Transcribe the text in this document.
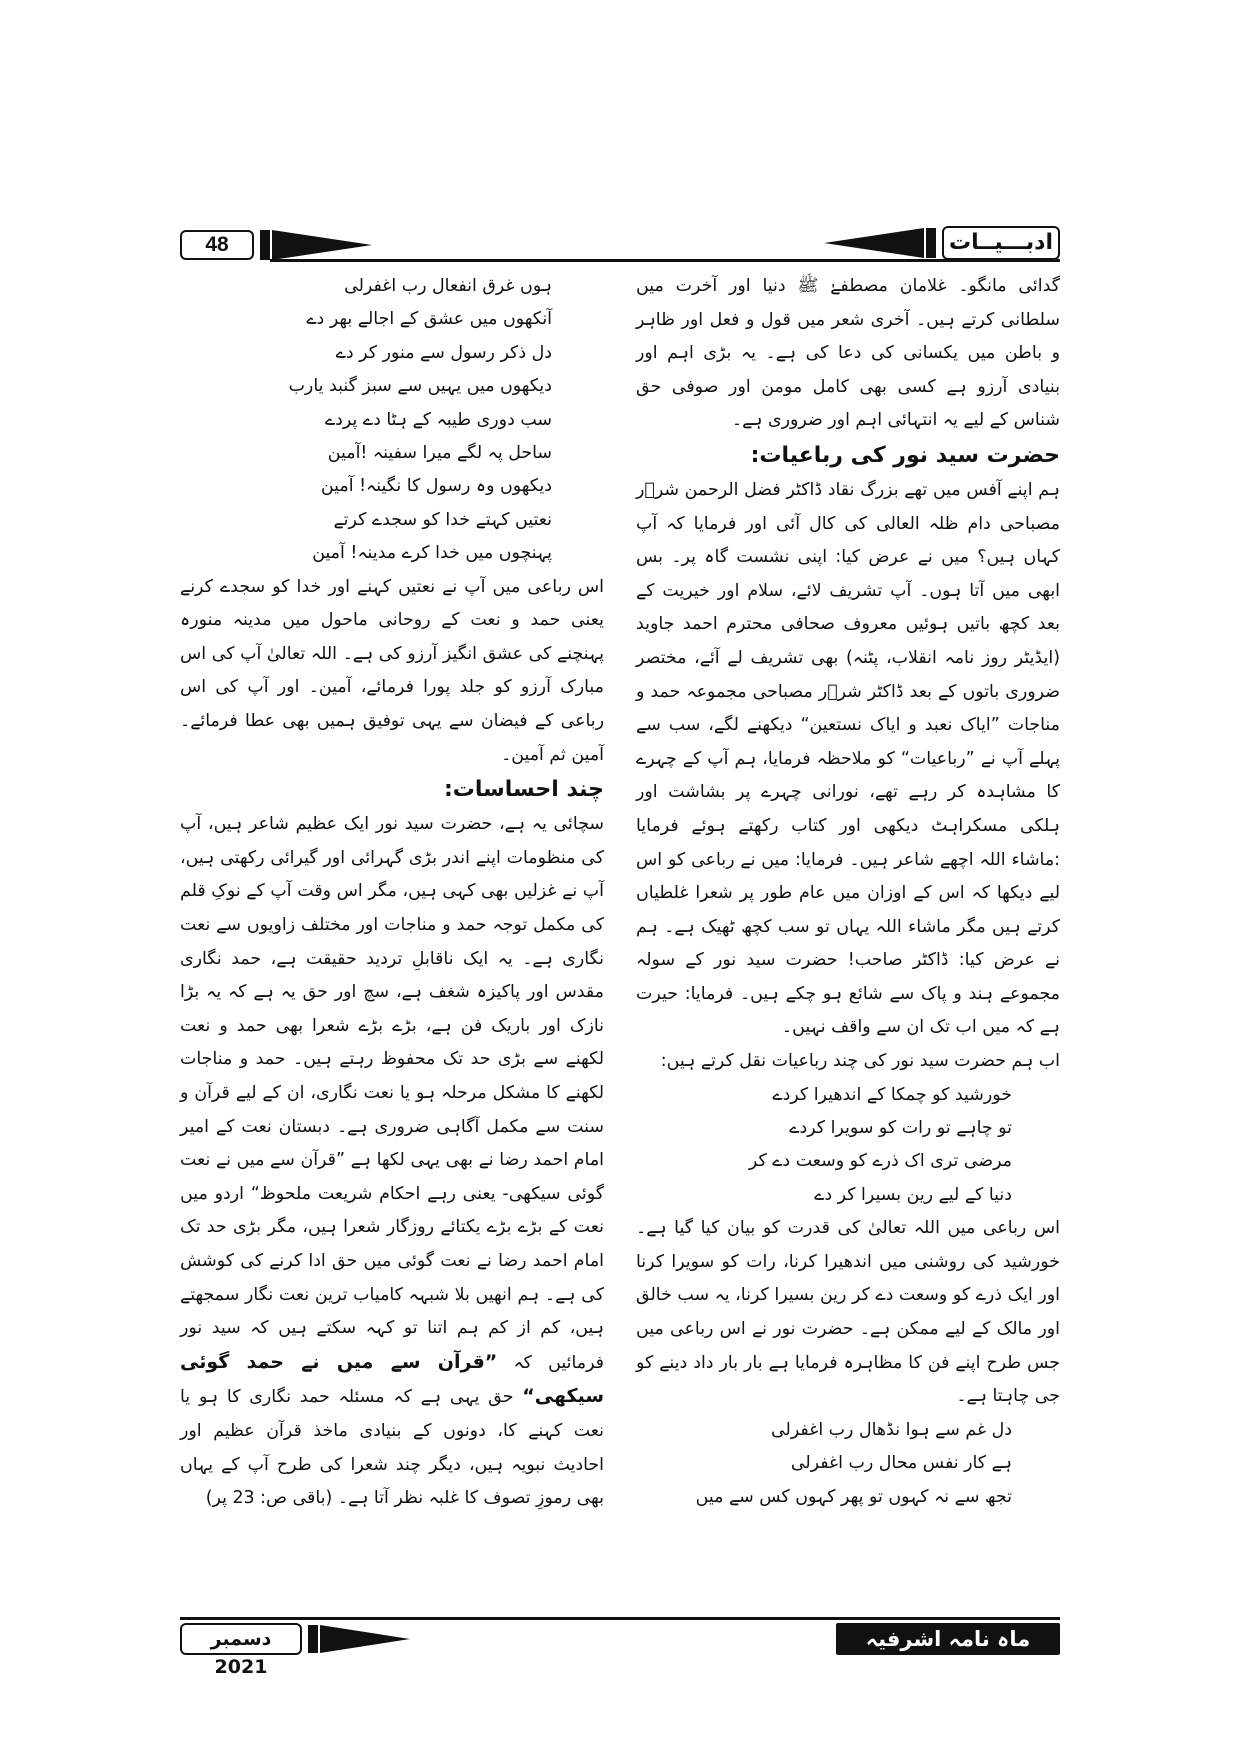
48	ادبـــیــات

گدائی مانگو۔ غلامان مصطفےٰ ﷺ دنیا اور آخرت میں سلطانی کرتے ہیں۔ آخری شعر میں قول و فعل اور ظاہر و باطن میں یکسانی کی دعا کی ہے۔ یہ بڑی اہم اور بنیادی آرزو ہے کسی بھی کامل مومن اور صوفی حق شناس کے لیے یہ انتہائی اہم اور ضروری ہے۔

حضرت سید نور کی رباعیات:

ہم اپنے آفس میں تھے بزرگ نقاد ڈاکٹر فضل الرحمن شرؔر مصباحی دام ظلہ العالی کی کال آئی اور فرمایا کہ آپ کہاں ہیں؟ میں نے عرض کیا: اپنی نشست گاہ پر۔ بس ابھی میں آتا ہوں۔ آپ تشریف لائے، سلام اور خیریت کے بعد کچھ باتیں ہوئیں معروف صحافی محترم احمد جاوید (ایڈیٹر روز نامہ انقلاب، پٹنہ) بھی تشریف لے آئے، مختصر ضروری باتوں کے بعد ڈاکٹر شرؔر مصباحی مجموعہ حمد و مناجات ”ایاک نعبد و ایاک نستعین“ دیکھنے لگے، سب سے پہلے آپ نے ”رباعیات“ کو ملاحظہ فرمایا، ہم آپ کے چہرے کا مشاہدہ کر رہے تھے، نورانی چہرے پر بشاشت اور ہلکی مسکراہٹ دیکھی اور کتاب رکھتے ہوئے فرمایا :ماشاء اللہ اچھے شاعر ہیں۔ فرمایا: میں نے رباعی کو اس لیے دیکھا کہ اس کے اوزان میں عام طور پر شعرا غلطیاں کرتے ہیں مگر ماشاء اللہ یہاں تو سب کچھ ٹھیک ہے۔ ہم نے عرض کیا: ڈاکٹر صاحب! حضرت سید نور کے سولہ مجموعے ہند و پاک سے شائع ہو چکے ہیں۔ فرمایا: حیرت ہے کہ میں اب تک ان سے واقف نہیں۔

اب ہم حضرت سید نور کی چند رباعیات نقل کرتے ہیں:

خورشید کو چمکا کے اندھیرا کردے
تو چاہے تو رات کو سویرا کردے
مرضی تری اک ذرے کو وسعت دے کر
دنیا کے لیے رین بسیرا کر دے

اس رباعی میں اللہ تعالیٰ کی قدرت کو بیان کیا گیا ہے۔ خورشید کی روشنی میں اندھیرا کرنا، رات کو سویرا کرنا اور ایک ذرے کو وسعت دے کر رین بسیرا کرنا، یہ سب خالق اور مالک کے لیے ممکن ہے۔ حضرت نور نے اس رباعی میں جس طرح اپنے فن کا مظاہرہ فرمایا ہے بار بار داد دینے کو جی چاہتا ہے۔

دل غم سے ہوا نڈھال رب اغفرلی
ہے کار نفس محال رب اغفرلی
تجھ سے نہ کہوں تو پھر کہوں کس سے میں
ہوں غرق انفعال رب اغفرلی
آنکھوں میں عشق کے اجالے بھر دے
دل ذکر رسول سے منور کر دے
دیکھوں میں یہیں سے سبز گنبد یارب
سب دوری طیبہ کے ہٹا دے پردے
ساحل پہ لگے میرا سفینہ !آمین
دیکھوں وہ رسول کا نگینہ! آمین
نعتیں کہتے خدا کو سجدے کرتے
پہنچوں میں خدا کرے مدینہ! آمین

اس رباعی میں آپ نے نعتیں کہنے اور خدا کو سجدے کرنے یعنی حمد و نعت کے روحانی ماحول میں مدینہ منورہ پہنچنے کی عشق انگیز آرزو کی ہے۔ اللہ تعالیٰ آپ کی اس مبارک آرزو کو جلد پورا فرمائے، آمین۔ اور آپ کی اس رباعی کے فیضان سے یہی توفیق ہمیں بھی عطا فرمائے۔ آمین ثم آمین۔

چند احساسات:

سچائی یہ ہے، حضرت سید نور ایک عظیم شاعر ہیں، آپ کی منظومات اپنے اندر بڑی گہرائی اور گیرائی رکھتی ہیں، آپ نے غزلیں بھی کہی ہیں، مگر اس وقت آپ کے نوکِ قلم کی مکمل توجہ حمد و مناجات اور مختلف زاویوں سے نعت نگاری ہے۔ یہ ایک ناقابلِ تردید حقیقت ہے، حمد نگاری مقدس اور پاکیزہ شغف ہے، سچ اور حق یہ ہے کہ یہ بڑا نازک اور باریک فن ہے، بڑے بڑے شعرا بھی حمد و نعت لکھنے سے بڑی حد تک محفوظ رہتے ہیں۔ حمد و مناجات لکھنے کا مشکل مرحلہ ہو یا نعت نگاری، ان کے لیے قرآن و سنت سے مکمل آگاہی ضروری ہے۔ دبستان نعت کے امیر امام احمد رضا نے بھی یہی لکھا ہے ”قرآن سے میں نے نعت گوئی سیکھی- یعنی رہے احکام شریعت ملحوظ“ اردو میں نعت کے بڑے بڑے یکتائے روزگار شعرا ہیں، مگر بڑی حد تک امام احمد رضا نے نعت گوئی میں حق ادا کرنے کی کوشش کی ہے۔ ہم انھیں بلا شبہہ کامیاب ترین نعت نگار سمجھتے ہیں، کم از کم ہم اتنا تو کہہ سکتے ہیں کہ سید نور فرمائیں کہ ”قرآن سے میں نے حمد گوئی سیکھی“ حق یہی ہے کہ مسئلہ حمد نگاری کا ہو یا نعت کہنے کا، دونوں کے بنیادی ماخذ قرآن عظیم اور احادیث نبویہ ہیں، دیگر چند شعرا کی طرح آپ کے یہاں بھی رموزِ تصوف کا غلبہ نظر آتا ہے۔ (باقی ص: 23 پر)

دسمبر 2021
ماہ نامہ اشرفیہ
